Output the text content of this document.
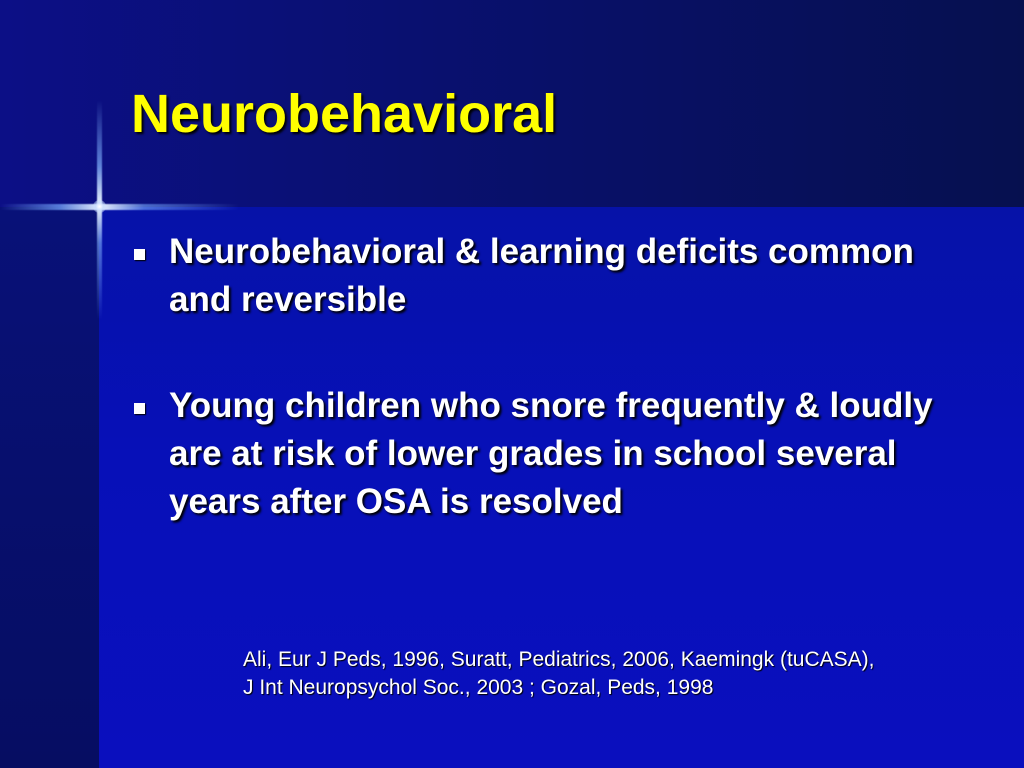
Neurobehavioral
Neurobehavioral & learning deficits common and reversible
Young children who snore frequently & loudly are at risk of lower grades in school several years after OSA is resolved

Ali, Eur J Peds, 1996, Suratt, Pediatrics, 2006, Kaemingk (tuCASA),
J Int Neuropsychol Soc., 2003 ; Gozal, Peds, 1998
